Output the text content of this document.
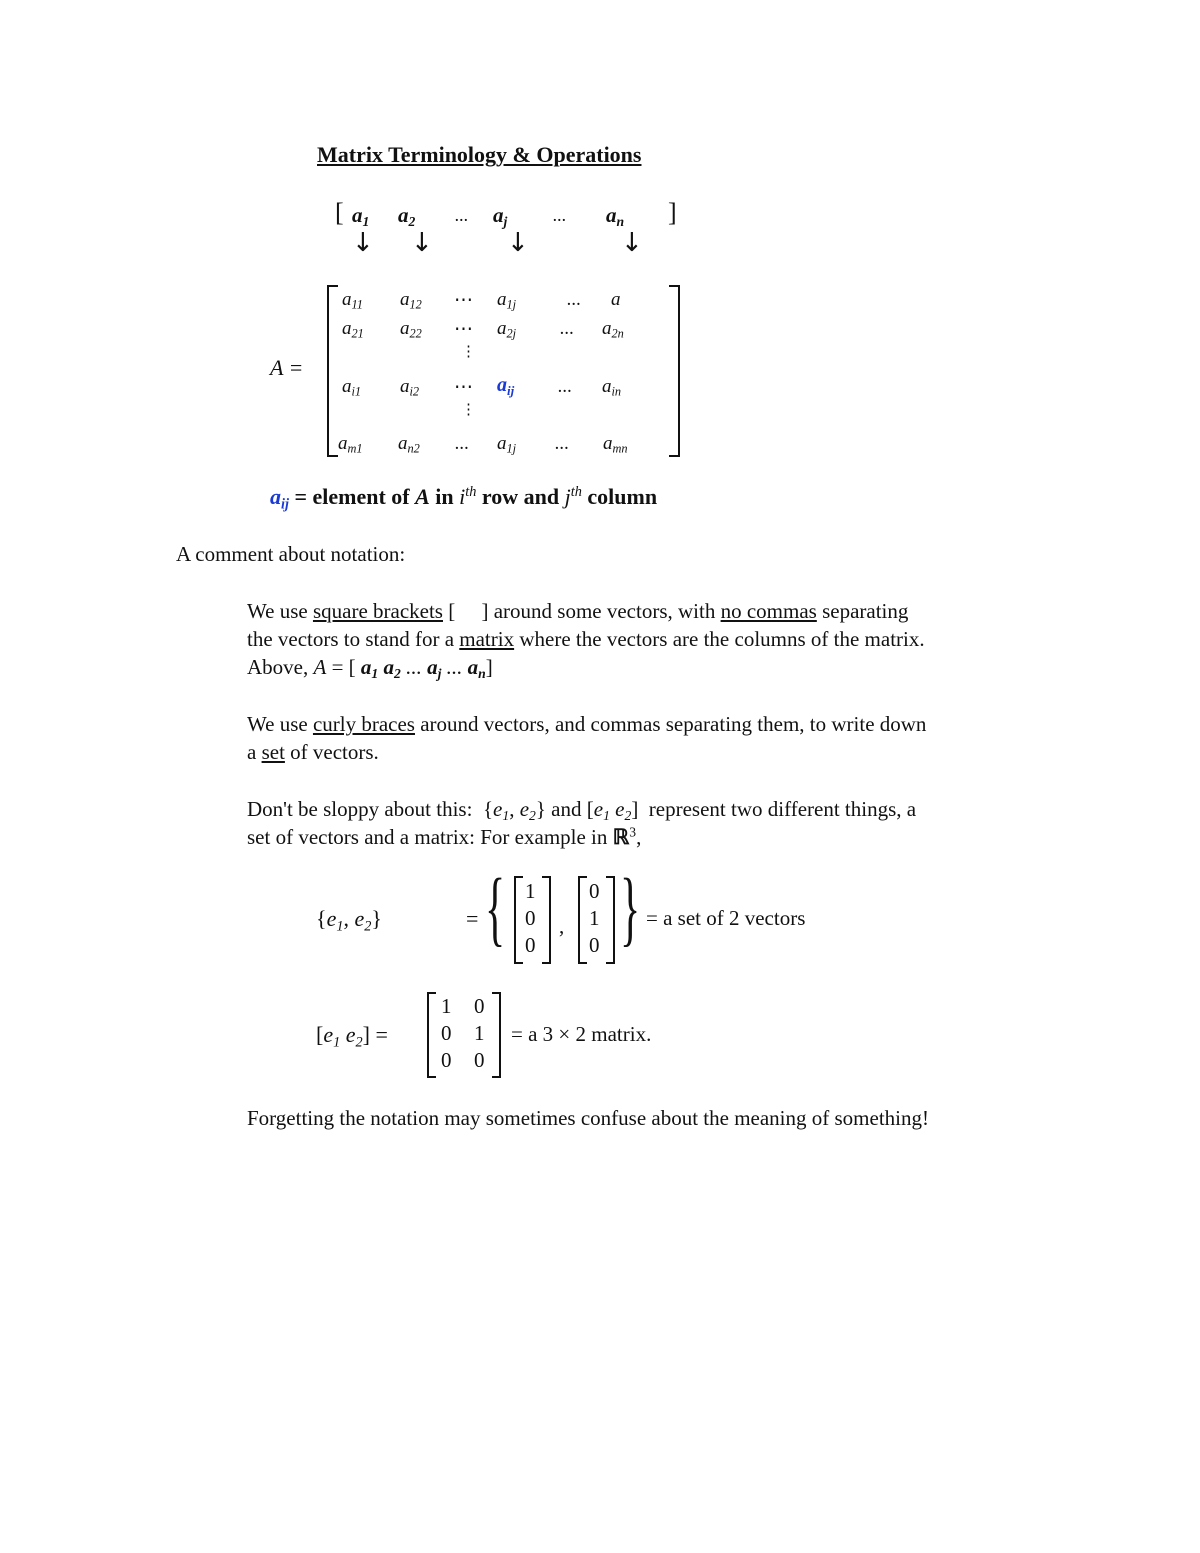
Matrix Terminology & Operations
[ $a_1$ $a_2$ ... $a_j$	... $a_n$ ]
↓ ↓	↓	↓
A =
$a_{11}$ $a_{12}$ ⋯ $a_{1j}$	... a
$a_{21}$ $a_{22}$ ⋯ $a_{2j}$ ... $a_{2n}$
⋮
$a_{i1}$ $a_{i2}$ ⋯ $a_{ij}$ ... $a_{in}$
⋮
$a_{m1}$ $a_{n2}$ ... $a_{1j}$ ... $a_{mn}$
$a_{ij}$ = element of A in $i^{th}$ row and $j^{th}$ column
A comment about notation:
We use square brackets [     ] around some vectors, with no commas separating
the vectors to stand for a matrix where the vectors are the columns of the matrix.
Above, A = [ $a_1$ $a_2$ ... $a_j$ ... $a_n$]
We use curly braces around vectors, and commas separating them, to write down
a set of vectors.
Don't be sloppy about this:  {$e_1$, $e_2$} and [$e_1$ $e_2$]  represent two different things, a
set of vectors and a matrix: For example in ℝ$^3$,
{$e_1$, $e_2$}	= { 1
0
0
,
0
1
0 } = a set of 2 vectors
[$e_1$ $e_2$] =
1 0
0 1
0 0
= a 3 × 2 matrix.
Forgetting the notation may sometimes confuse about the meaning of something!
